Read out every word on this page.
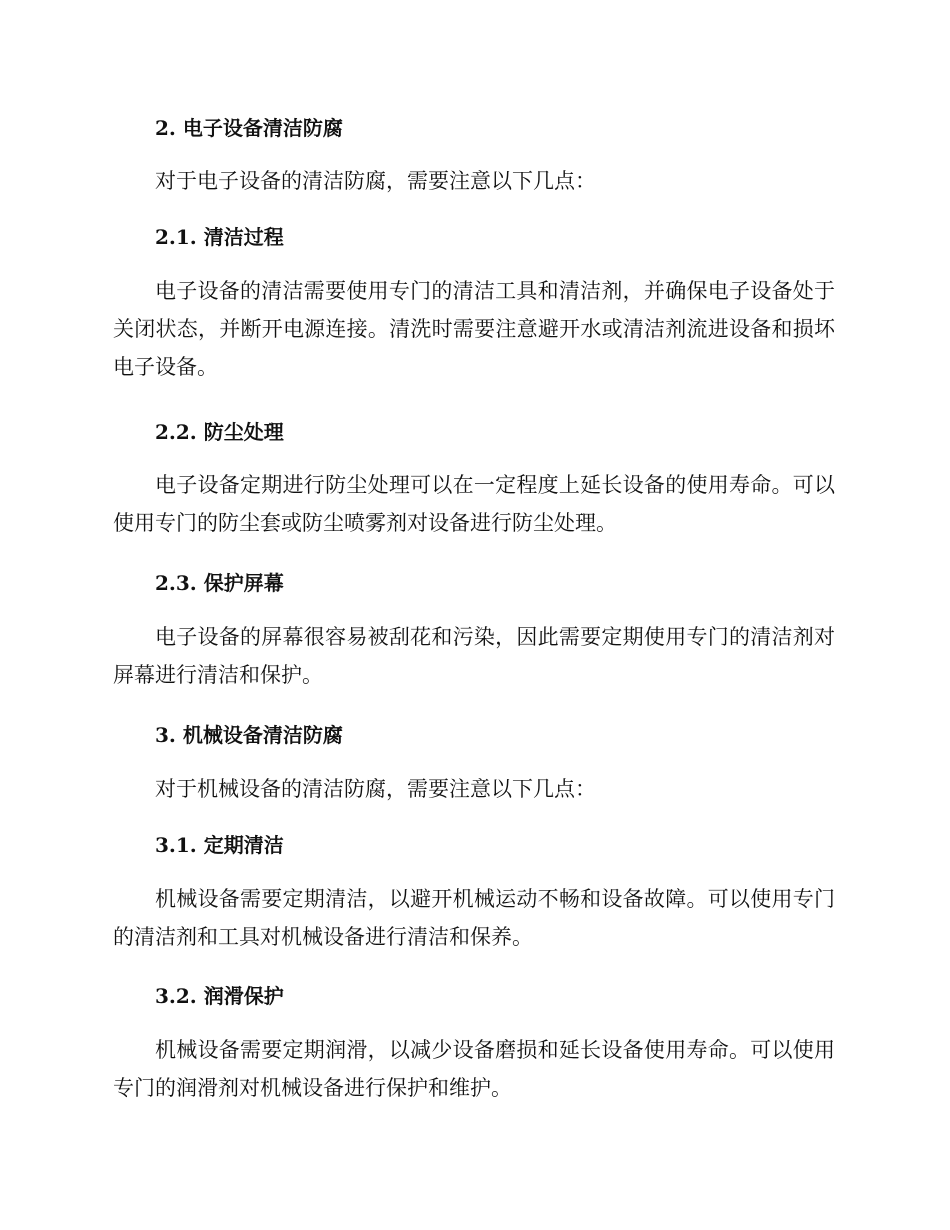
2. 电子设备清洁防腐

对于电子设备的清洁防腐，需要注意以下几点：

2.1. 清洁过程

电子设备的清洁需要使用专门的清洁工具和清洁剂，并确保电子设备处于关闭状态，并断开电源连接。清洗时需要注意避开水或清洁剂流进设备和损坏电子设备。

2.2. 防尘处理

电子设备定期进行防尘处理可以在一定程度上延长设备的使用寿命。可以使用专门的防尘套或防尘喷雾剂对设备进行防尘处理。

2.3. 保护屏幕

电子设备的屏幕很容易被刮花和污染，因此需要定期使用专门的清洁剂对屏幕进行清洁和保护。

3. 机械设备清洁防腐

对于机械设备的清洁防腐，需要注意以下几点：

3.1. 定期清洁

机械设备需要定期清洁，以避开机械运动不畅和设备故障。可以使用专门的清洁剂和工具对机械设备进行清洁和保养。

3.2. 润滑保护

机械设备需要定期润滑，以减少设备磨损和延长设备使用寿命。可以使用专门的润滑剂对机械设备进行保护和维护。
